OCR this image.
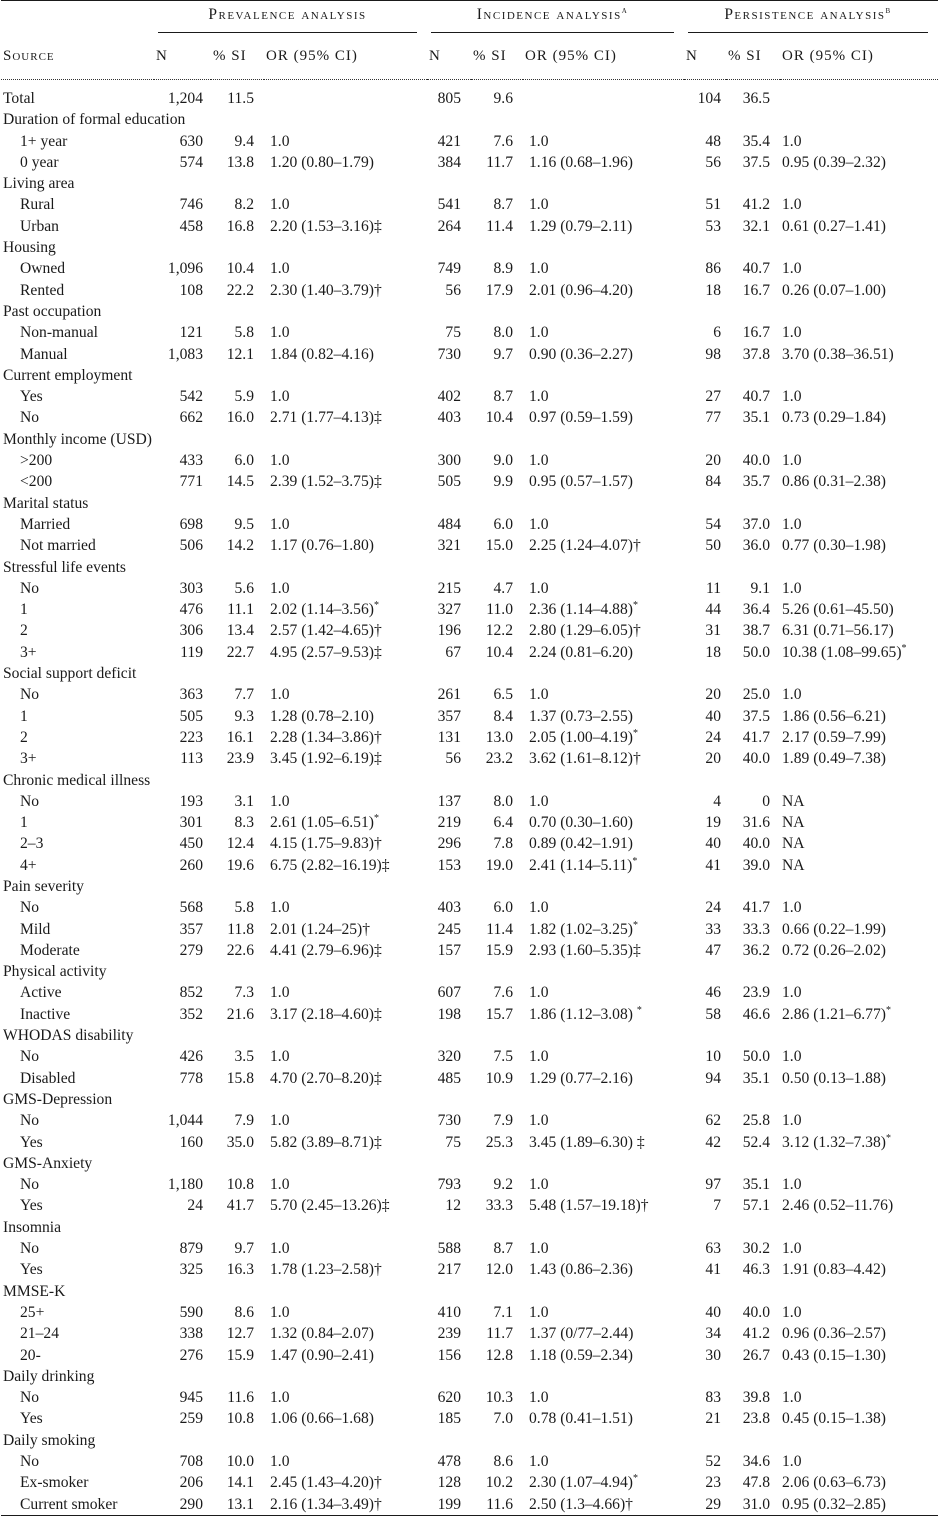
	Prevalence analysis			Incidence analysis$^a$			Persistence analysis$^b$

Source	N	% SI	OR (95% CI)	N	% SI	OR (95% CI)	N	% SI	OR (95% CI)
Total	1,204	11.5		805	9.6		104	36.5	
Duration of formal education									
1+ year	630	9.4	1.0	421	7.6	1.0	48	35.4	1.0
0 year	574	13.8	1.20 (0.80–1.79)	384	11.7	1.16 (0.68–1.96)	56	37.5	0.95 (0.39–2.32)
Living area									
Rural	746	8.2	1.0	541	8.7	1.0	51	41.2	1.0
Urban	458	16.8	2.20 (1.53–3.16)‡	264	11.4	1.29 (0.79–2.11)	53	32.1	0.61 (0.27–1.41)
Housing									
Owned	1,096	10.4	1.0	749	8.9	1.0	86	40.7	1.0
Rented	108	22.2	2.30 (1.40–3.79)†	56	17.9	2.01 (0.96–4.20)	18	16.7	0.26 (0.07–1.00)
Past occupation									
Non-manual	121	5.8	1.0	75	8.0	1.0	6	16.7	1.0
Manual	1,083	12.1	1.84 (0.82–4.16)	730	9.7	0.90 (0.36–2.27)	98	37.8	3.70 (0.38–36.51)
Current employment									
Yes	542	5.9	1.0	402	8.7	1.0	27	40.7	1.0
No	662	16.0	2.71 (1.77–4.13)‡	403	10.4	0.97 (0.59–1.59)	77	35.1	0.73 (0.29–1.84)
Monthly income (USD)									
>200	433	6.0	1.0	300	9.0	1.0	20	40.0	1.0
<200	771	14.5	2.39 (1.52–3.75)‡	505	9.9	0.95 (0.57–1.57)	84	35.7	0.86 (0.31–2.38)
Marital status									
Married	698	9.5	1.0	484	6.0	1.0	54	37.0	1.0
Not married	506	14.2	1.17 (0.76–1.80)	321	15.0	2.25 (1.24–4.07)†	50	36.0	0.77 (0.30–1.98)
Stressful life events									
No	303	5.6	1.0	215	4.7	1.0	11	9.1	1.0
1	476	11.1	2.02 (1.14–3.56)*	327	11.0	2.36 (1.14–4.88)*	44	36.4	5.26 (0.61–45.50)
2	306	13.4	2.57 (1.42–4.65)†	196	12.2	2.80 (1.29–6.05)†	31	38.7	6.31 (0.71–56.17)
3+	119	22.7	4.95 (2.57–9.53)‡	67	10.4	2.24 (0.81–6.20)	18	50.0	10.38 (1.08–99.65)*
Social support deficit									
No	363	7.7	1.0	261	6.5	1.0	20	25.0	1.0
1	505	9.3	1.28 (0.78–2.10)	357	8.4	1.37 (0.73–2.55)	40	37.5	1.86 (0.56–6.21)
2	223	16.1	2.28 (1.34–3.86)†	131	13.0	2.05 (1.00–4.19)*	24	41.7	2.17 (0.59–7.99)
3+	113	23.9	3.45 (1.92–6.19)‡	56	23.2	3.62 (1.61–8.12)†	20	40.0	1.89 (0.49–7.38)
Chronic medical illness									
No	193	3.1	1.0	137	8.0	1.0	4	0	NA
1	301	8.3	2.61 (1.05–6.51)*	219	6.4	0.70 (0.30–1.60)	19	31.6	NA
2–3	450	12.4	4.15 (1.75–9.83)†	296	7.8	0.89 (0.42–1.91)	40	40.0	NA
4+	260	19.6	6.75 (2.82–16.19)‡	153	19.0	2.41 (1.14–5.11)*	41	39.0	NA
Pain severity									
No	568	5.8	1.0	403	6.0	1.0	24	41.7	1.0
Mild	357	11.8	2.01 (1.24–25)†	245	11.4	1.82 (1.02–3.25)*	33	33.3	0.66 (0.22–1.99)
Moderate	279	22.6	4.41 (2.79–6.96)‡	157	15.9	2.93 (1.60–5.35)‡	47	36.2	0.72 (0.26–2.02)
Physical activity									
Active	852	7.3	1.0	607	7.6	1.0	46	23.9	1.0
Inactive	352	21.6	3.17 (2.18–4.60)‡	198	15.7	1.86 (1.12–3.08) *	58	46.6	2.86 (1.21–6.77)*
WHODAS disability									
No	426	3.5	1.0	320	7.5	1.0	10	50.0	1.0
Disabled	778	15.8	4.70 (2.70–8.20)‡	485	10.9	1.29 (0.77–2.16)	94	35.1	0.50 (0.13–1.88)
GMS-Depression									
No	1,044	7.9	1.0	730	7.9	1.0	62	25.8	1.0
Yes	160	35.0	5.82 (3.89–8.71)‡	75	25.3	3.45 (1.89–6.30) ‡	42	52.4	3.12 (1.32–7.38)*
GMS-Anxiety									
No	1,180	10.8	1.0	793	9.2	1.0	97	35.1	1.0
Yes	24	41.7	5.70 (2.45–13.26)‡	12	33.3	5.48 (1.57–19.18)†	7	57.1	2.46 (0.52–11.76)
Insomnia									
No	879	9.7	1.0	588	8.7	1.0	63	30.2	1.0
Yes	325	16.3	1.78 (1.23–2.58)†	217	12.0	1.43 (0.86–2.36)	41	46.3	1.91 (0.83–4.42)
MMSE-K									
25+	590	8.6	1.0	410	7.1	1.0	40	40.0	1.0
21–24	338	12.7	1.32 (0.84–2.07)	239	11.7	1.37 (0/77–2.44)	34	41.2	0.96 (0.36–2.57)
20-	276	15.9	1.47 (0.90–2.41)	156	12.8	1.18 (0.59–2.34)	30	26.7	0.43 (0.15–1.30)
Daily drinking									
No	945	11.6	1.0	620	10.3	1.0	83	39.8	1.0
Yes	259	10.8	1.06 (0.66–1.68)	185	7.0	0.78 (0.41–1.51)	21	23.8	0.45 (0.15–1.38)
Daily smoking									
No	708	10.0	1.0	478	8.6	1.0	52	34.6	1.0
Ex-smoker	206	14.1	2.45 (1.43–4.20)†	128	10.2	2.30 (1.07–4.94)*	23	47.8	2.06 (0.63–6.73)
Current smoker	290	13.1	2.16 (1.34–3.49)†	199	11.6	2.50 (1.3–4.66)†	29	31.0	0.95 (0.32–2.85)
